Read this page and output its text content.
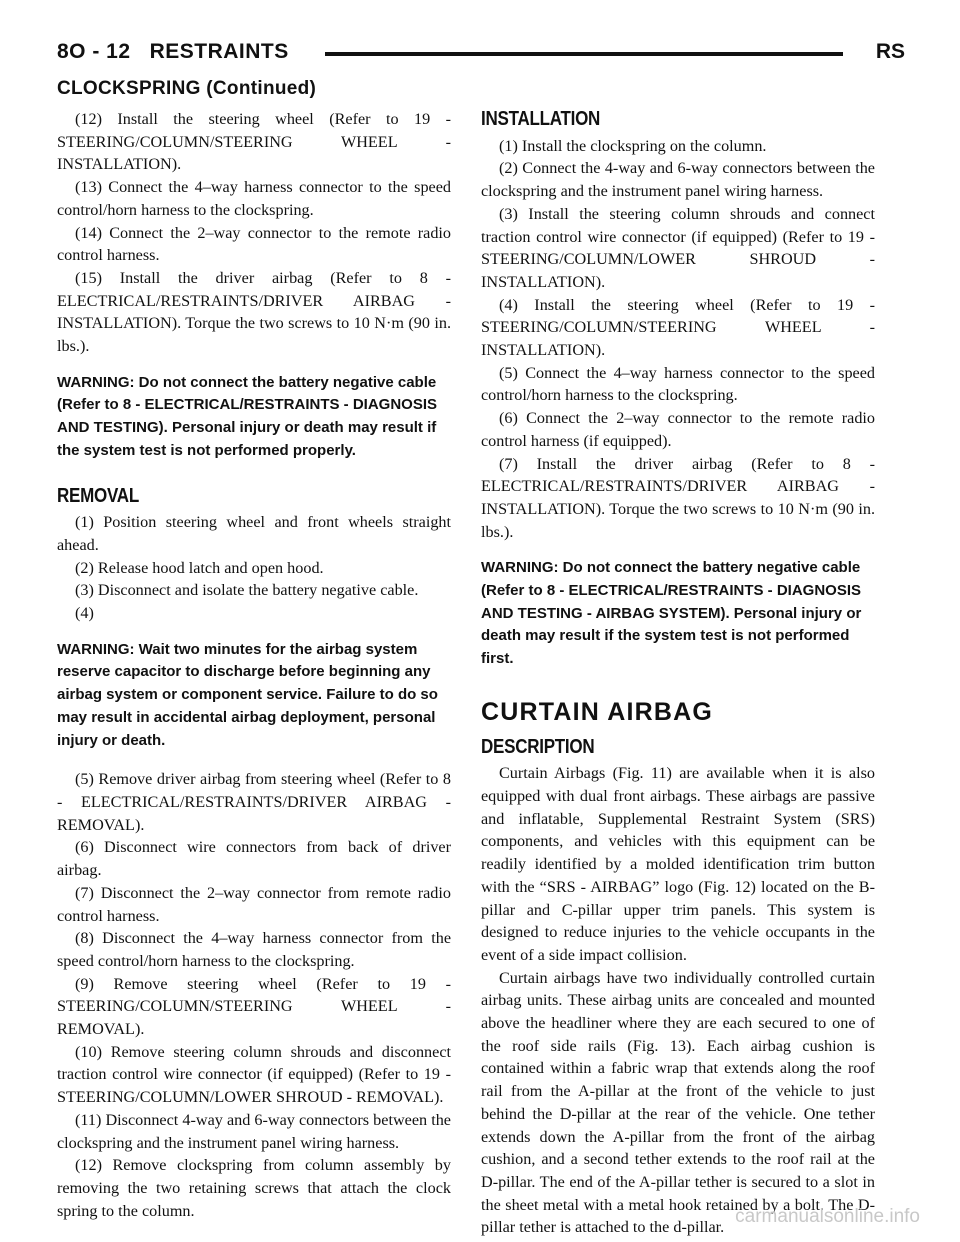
8O - 12 RESTRAINTS	RS
CLOCKSPRING (Continued)

(12) Install the steering wheel (Refer to 19 - STEERING/COLUMN/STEERING WHEEL - INSTALLATION).

(13) Connect the 4–way harness connector to the speed control/horn harness to the clockspring.

(14) Connect the 2–way connector to the remote radio control harness.

(15) Install the driver airbag (Refer to 8 - ELECTRICAL/RESTRAINTS/DRIVER AIRBAG - INSTALLATION). Torque the two screws to 10 N·m (90 in. lbs.).

WARNING: Do not connect the battery negative cable (Refer to 8 - ELECTRICAL/RESTRAINTS - DIAGNOSIS AND TESTING). Personal injury or death may result if the system test is not performed properly.

REMOVAL

(1) Position steering wheel and front wheels straight ahead.

(2) Release hood latch and open hood.

(3) Disconnect and isolate the battery negative cable.

(4)

WARNING: Wait two minutes for the airbag system reserve capacitor to discharge before beginning any airbag system or component service. Failure to do so may result in accidental airbag deployment, personal injury or death.

(5) Remove driver airbag from steering wheel (Refer to 8 - ELECTRICAL/RESTRAINTS/DRIVER AIRBAG - REMOVAL).

(6) Disconnect wire connectors from back of driver airbag.

(7) Disconnect the 2–way connector from remote radio control harness.

(8) Disconnect the 4–way harness connector from the speed control/horn harness to the clockspring.

(9) Remove steering wheel (Refer to 19 - STEERING/COLUMN/STEERING WHEEL - REMOVAL).

(10) Remove steering column shrouds and disconnect traction control wire connector (if equipped) (Refer to 19 - STEERING/COLUMN/LOWER SHROUD - REMOVAL).

(11) Disconnect 4-way and 6-way connectors between the clockspring and the instrument panel wiring harness.

(12) Remove clockspring from column assembly by removing the two retaining screws that attach the clock spring to the column.

INSTALLATION

(1) Install the clockspring on the column.

(2) Connect the 4-way and 6-way connectors between the clockspring and the instrument panel wiring harness.

(3) Install the steering column shrouds and connect traction control wire connector (if equipped) (Refer to 19 - STEERING/COLUMN/LOWER SHROUD - INSTALLATION).

(4) Install the steering wheel (Refer to 19 - STEERING/COLUMN/STEERING WHEEL - INSTALLATION).

(5) Connect the 4–way harness connector to the speed control/horn harness to the clockspring.

(6) Connect the 2–way connector to the remote radio control harness (if equipped).

(7) Install the driver airbag (Refer to 8 - ELECTRICAL/RESTRAINTS/DRIVER AIRBAG - INSTALLATION). Torque the two screws to 10 N·m (90 in. lbs.).

WARNING: Do not connect the battery negative cable (Refer to 8 - ELECTRICAL/RESTRAINTS - DIAGNOSIS AND TESTING - AIRBAG SYSTEM). Personal injury or death may result if the system test is not performed first.

CURTAIN AIRBAG
DESCRIPTION

Curtain Airbags (Fig. 11) are available when it is also equipped with dual front airbags. These airbags are passive and inflatable, Supplemental Restraint System (SRS) components, and vehicles with this equipment can be readily identified by a molded identification trim button with the “SRS - AIRBAG” logo (Fig. 12) located on the B-pillar and C-pillar upper trim panels. This system is designed to reduce injuries to the vehicle occupants in the event of a side impact collision.

Curtain airbags have two individually controlled curtain airbag units. These airbag units are concealed and mounted above the headliner where they are each secured to one of the roof side rails (Fig. 13). Each airbag cushion is contained within a fabric wrap that extends along the roof rail from the A-pillar at the front of the vehicle to just behind the D-pillar at the rear of the vehicle. One tether extends down the A-pillar from the front of the airbag cushion, and a second tether extends to the roof rail at the D-pillar. The end of the A-pillar tether is secured to a slot in the sheet metal with a metal hook retained by a bolt. The D-pillar tether is attached to the d-pillar.

carmanualsonline.info
